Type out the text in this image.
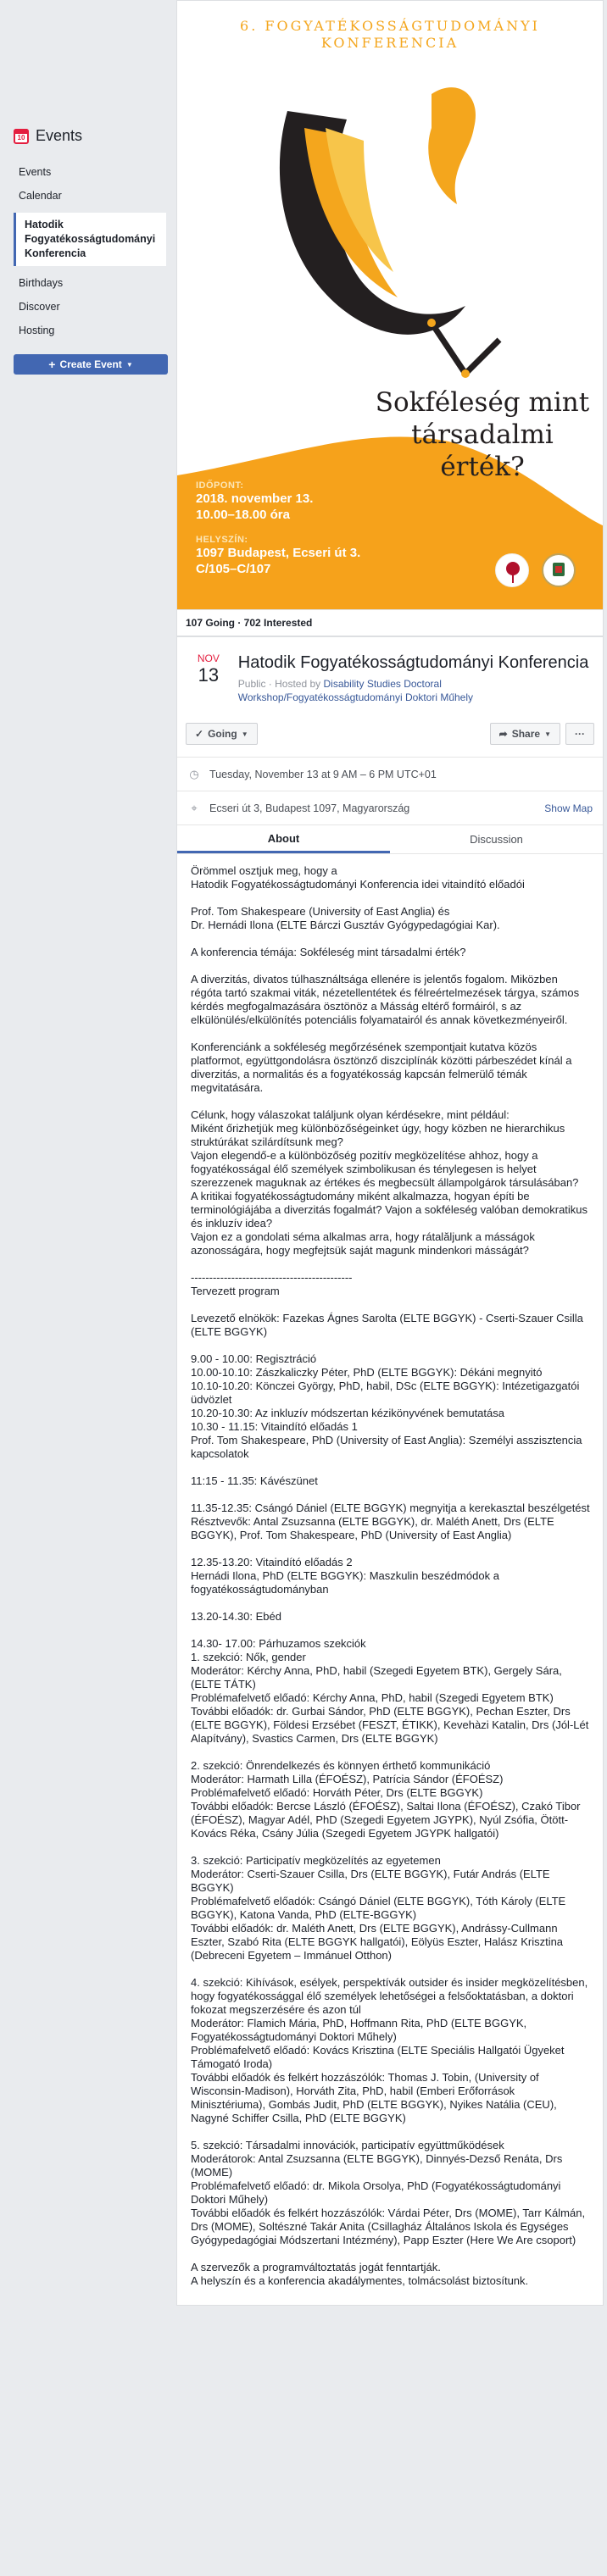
10
Events
Events
Calendar
Hatodik Fogyatékosságtudományi Konferencia
Birthdays
Discover
Hosting
+ Create Event ▼
6. FOGYATÉKOSSÁGTUDOMÁNYI
KONFERENCIA
Sokféleség mint társadalmi érték?
IDŐPONT:
2018. november 13.
10.00–18.00 óra
HELYSZÍN:
1097 Budapest, Ecseri út 3.
C/105–C/107
107 Going · 702 Interested
NOV
13
Hatodik Fogyatékosságtudományi Konferencia
Public · Hosted by Disability Studies Doctoral Workshop/Fogyatékosságtudományi Doktori Műhely
✓ Going ▼	➦ Share ▼	···
◷ Tuesday, November 13 at 9 AM – 6 PM UTC+01
⌖	Ecseri út 3, Budapest 1097, Magyarország	Show Map
About	Discussion

Örömmel osztjuk meg, hogy a

Hatodik Fogyatékosságtudományi Konferencia idei vitaindító előadói

Prof. Tom Shakespeare (University of East Anglia) és

Dr. Hernádi Ilona (ELTE Bárczi Gusztáv Gyógypedagógiai Kar).

A konferencia témája: Sokféleség mint társadalmi érték?

A diverzitás, divatos túlhasználtsága ellenére is jelentős fogalom. Miközben régóta tartó szakmai viták, nézetellentétek és félreértelmezések tárgya, számos kérdés megfogalmazására ösztönöz a Másság eltérő formáiról, s az elkülönülés/elkülönítés potenciális folyamatairól és annak következményeiről.

Konferenciánk a sokféleség megőrzésének szempontjait kutatva közös platformot, együttgondolásra ösztönző diszciplínák közötti párbeszédet kínál a diverzitás, a normalitás és a fogyatékosság kapcsán felmerülő témák megvitatására.

Célunk, hogy válaszokat találjunk olyan kérdésekre, mint például:

Miként őrizhetjük meg különbözőségeinket úgy, hogy közben ne hierarchikus struktúrákat szilárdítsunk meg?

Vajon elegendő-e a különbözőség pozitív megközelítése ahhoz, hogy a fogyatékosságal élő személyek szimbolikusan és ténylegesen is helyet szerezzenek maguknak az értékes és megbecsült állampolgárok társulásában?

A kritikai fogyatékosságtudomány miként alkalmazza, hogyan építi be terminológiájába a diverzitás fogalmát? Vajon a sokféleség valóban demokratikus és inkluzív idea?

Vajon ez a gondolati séma alkalmas arra, hogy rátalăljunk a másságok azonosságára, hogy megfejtsük saját magunk mindenkori másságát?

--------------------------------------------

Tervezett program

Levezető elnökök: Fazekas Ágnes Sarolta (ELTE BGGYK) - Cserti-Szauer Csilla (ELTE BGGYK)

9.00 - 10.00: Regisztráció

10.00-10.10: Zászkaliczky Péter, PhD (ELTE BGGYK): Dékáni megnyitó

10.10-10.20: Könczei György, PhD, habil, DSc (ELTE BGGYK): Intézetigazgatói üdvözlet

10.20-10.30: Az inkluzív módszertan kézikönyvének bemutatása

10.30 - 11.15: Vitaindító előadás 1

Prof. Tom Shakespeare, PhD (University of East Anglia): Személyi asszisztencia kapcsolatok

11:15 - 11.35: Kávészünet

11.35-12.35: Csángó Dániel (ELTE BGGYK) megnyitja a kerekasztal beszélgetést

Résztvevők: Antal Zsuzsanna (ELTE BGGYK), dr. Maléth Anett, Drs (ELTE BGGYK), Prof. Tom Shakespeare, PhD (University of East Anglia)

12.35-13.20: Vitaindító előadás 2

Hernádi Ilona, PhD (ELTE BGGYK): Maszkulin beszédmódok a fogyatékosságtudományban

13.20-14.30: Ebéd

14.30- 17.00: Párhuzamos szekciók

1. szekció: Nők, gender

Moderátor: Kérchy Anna, PhD, habil (Szegedi Egyetem BTK), Gergely Sára, (ELTE TÁTK)

Problémafelvető előadó: Kérchy Anna, PhD, habil (Szegedi Egyetem BTK)

További előadók: dr. Gurbai Sándor, PhD (ELTE BGGYK), Pechan Eszter, Drs (ELTE BGGYK), Földesi Erzsébet (FESZT, ÉTIKK), Kevehàzi Katalin, Drs (Jól-Lét Alapítvány), Svastics Carmen, Drs (ELTE BGGYK)

2. szekció: Önrendelkezés és könnyen érthető kommunikáció

Moderátor: Harmath Lilla (ÉFOÉSZ), Patrícia Sándor (ÉFOÉSZ)

Problémafelvető előadó: Horváth Péter, Drs (ELTE BGGYK)

További előadók: Bercse László (ÉFOÉSZ), Saltai Ilona (ÉFOÉSZ), Czakó Tibor (ÉFOÉSZ), Magyar Adél, PhD (Szegedi Egyetem JGYPK), Nyúl Zsófia, Ötött-Kovács Réka, Csány Júlia (Szegedi Egyetem JGYPK hallgatói)

3. szekció: Participatív megközelítés az egyetemen

Moderátor: Cserti-Szauer Csilla, Drs (ELTE BGGYK), Futár András (ELTE BGGYK)

Problémafelvető előadók: Csángó Dániel (ELTE BGGYK), Tóth Károly (ELTE BGGYK), Katona Vanda, PhD (ELTE-BGGYK)

További előadók: dr. Maléth Anett, Drs (ELTE BGGYK), Andrássy-Cullmann Eszter, Szabó Rita (ELTE BGGYK hallgatói), Eölyüs Eszter, Halász Krisztina (Debreceni Egyetem – Immánuel Otthon)

4. szekció: Kihívások, esélyek, perspektívák outsider és insider megközelítésben, hogy fogyatékossággal élő személyek lehetőségei a felsőoktatásban, a doktori fokozat megszerzésére és azon túl

Moderátor: Flamich Mária, PhD, Hoffmann Rita, PhD (ELTE BGGYK, Fogyatékosságtudományi Doktori Műhely)

Problémafelvető előadó: Kovács Krisztina (ELTE Speciális Hallgatói Ügyeket Támogató Iroda)

További előadók és felkért hozzászólók: Thomas J. Tobin, (University of Wisconsin-Madison), Horváth Zita, PhD, habil (Emberi Erőforrások Minisztériuma), Gombás Judit, PhD (ELTE BGGYK), Nyikes Natália (CEU), Nagyné Schiffer Csilla, PhD (ELTE BGGYK)

5. szekció: Társadalmi innovációk, participatív együttműködések

Moderátorok: Antal Zsuzsanna (ELTE BGGYK), Dinnyés-Dezső Renáta, Drs (MOME)

Problémafelvető előadó: dr. Mikola Orsolya, PhD (Fogyatékosságtudományi Doktori Műhely)

További előadók és felkért hozzászólók: Várdai Péter, Drs (MOME), Tarr Kálmán, Drs (MOME), Soltészné Takár Anita (Csillagház Általános Iskola és Egységes Gyógypedagógiai Módszertani Intézmény), Papp Eszter (Here We Are csoport)

A szervezők a programváltoztatás jogát fenntartják.

A helyszín és a konferencia akadálymentes, tolmácsolást biztosítunk.
